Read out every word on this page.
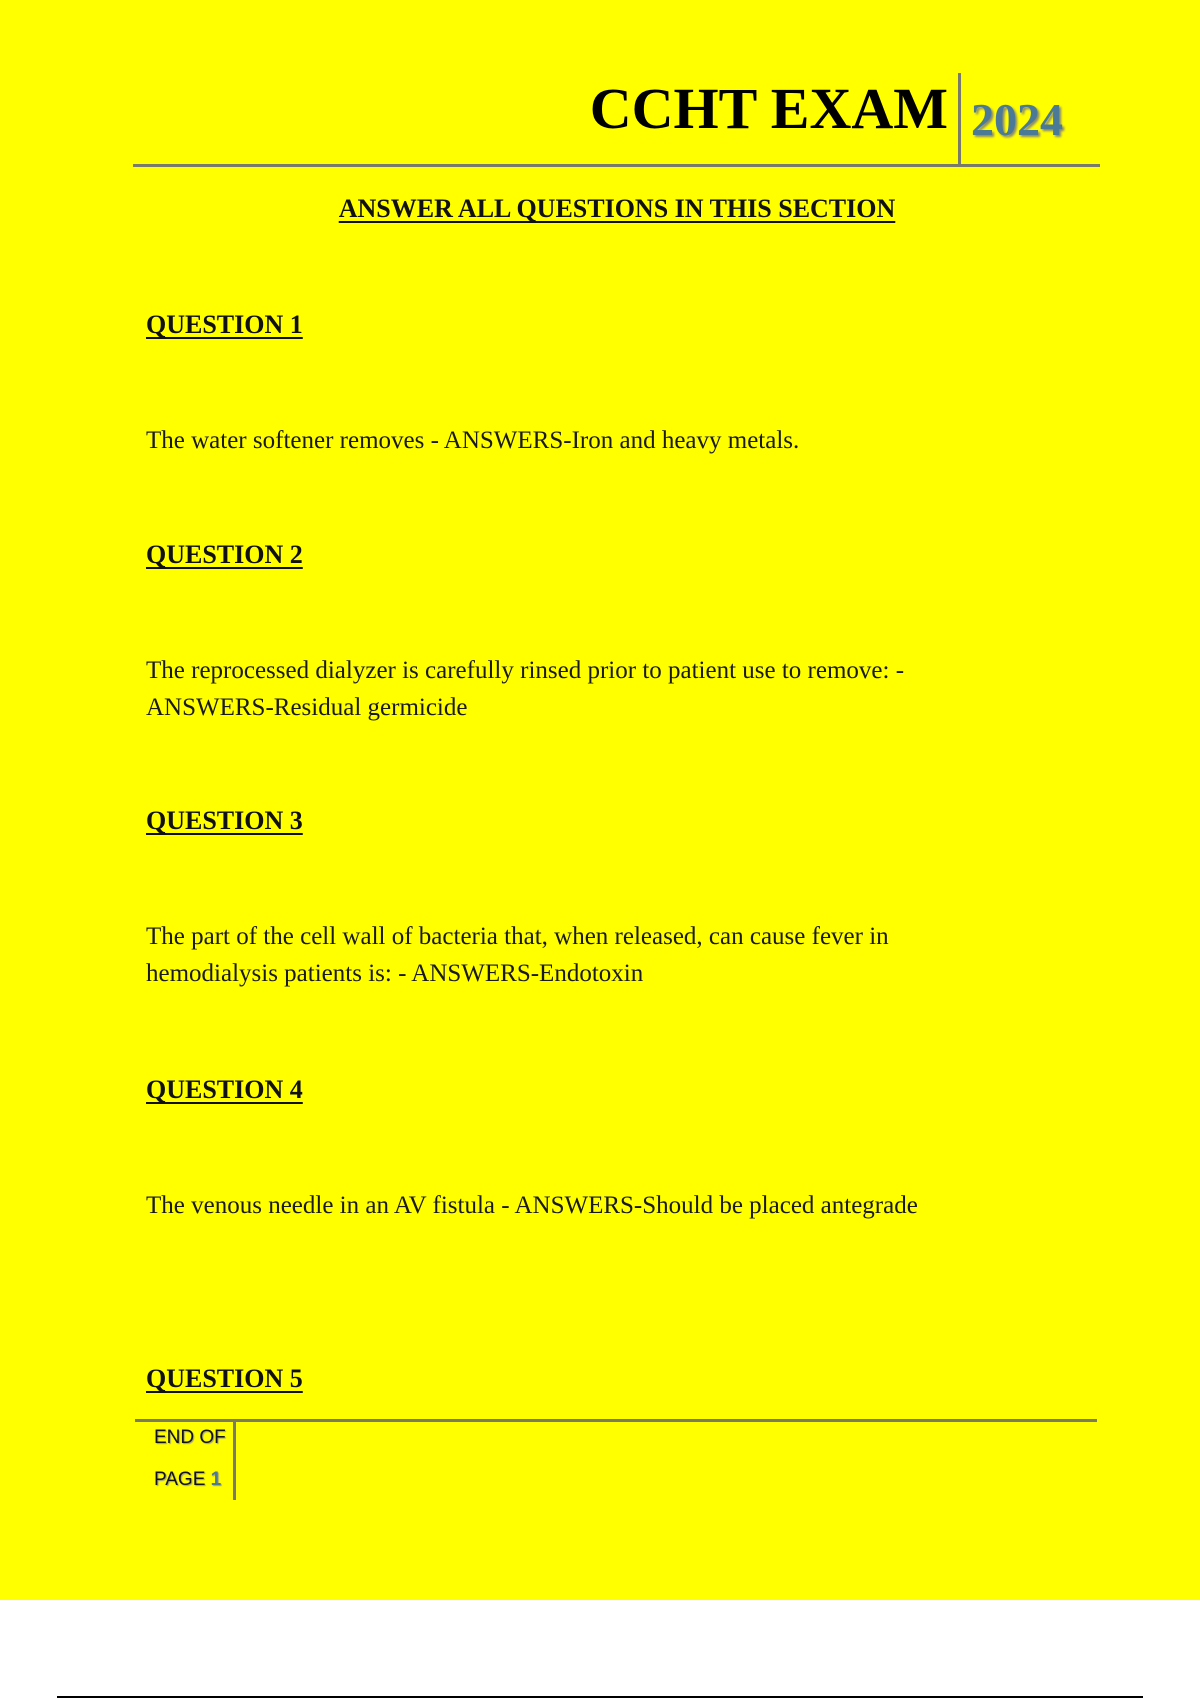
CCHT EXAM 2024
ANSWER ALL QUESTIONS IN THIS SECTION
QUESTION 1
The water softener removes - ANSWERS-Iron and heavy metals.
QUESTION 2
The reprocessed dialyzer is carefully rinsed prior to patient use to remove: -
ANSWERS-Residual germicide
QUESTION 3
The part of the cell wall of bacteria that, when released, can cause fever in
hemodialysis patients is: - ANSWERS-Endotoxin
QUESTION 4
The venous needle in an AV fistula - ANSWERS-Should be placed antegrade
QUESTION 5
END OF
PAGE 1
